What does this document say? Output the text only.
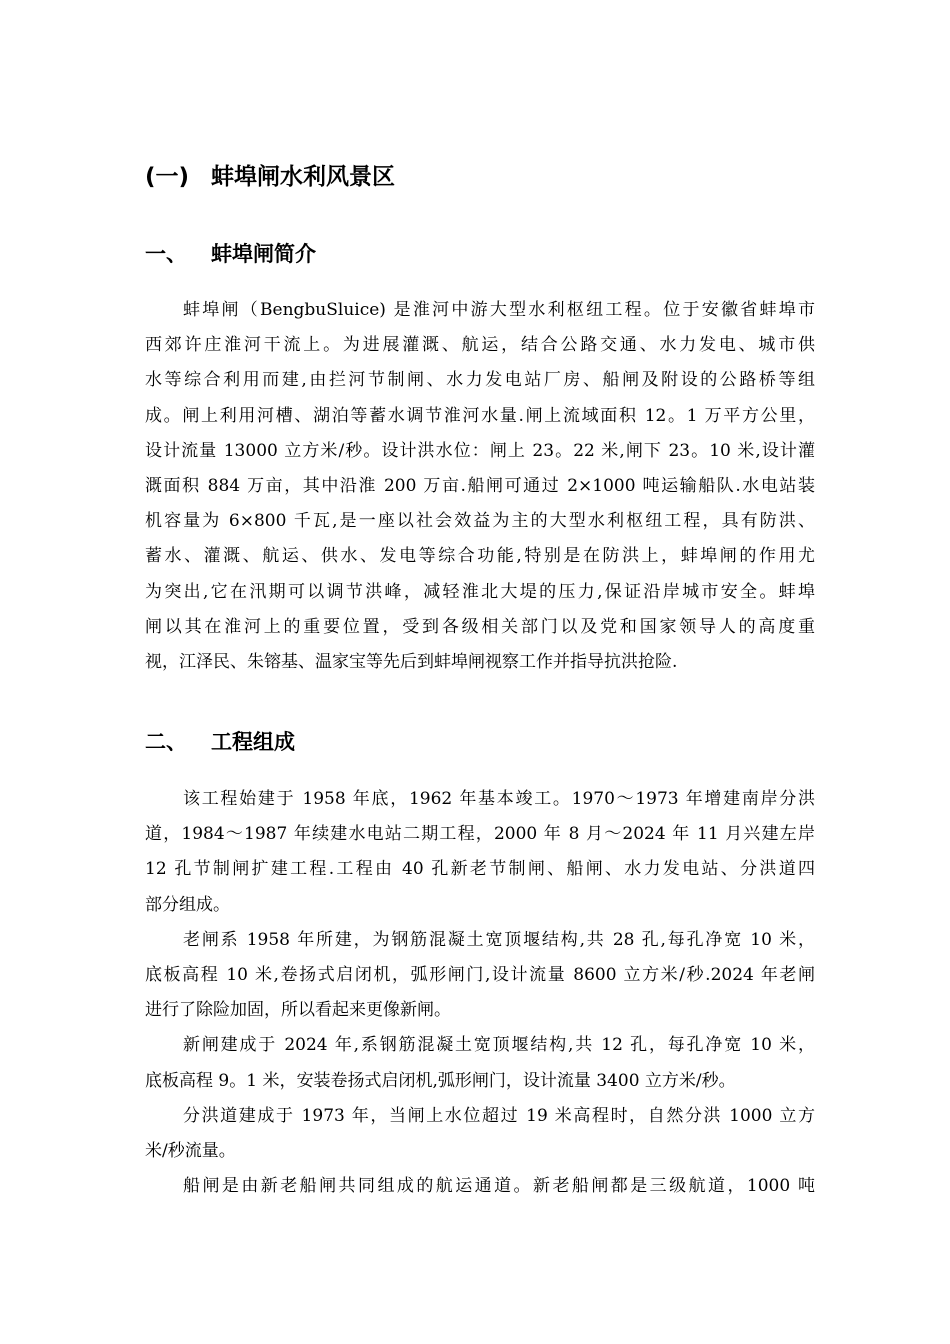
(一) 蚌埠闸水利风景区
一、 蚌埠闸简介
蚌埠闸（BengbuSluice) 是淮河中游大型水利枢纽工程。位于安徽省蚌埠市
西郊许庄淮河干流上。为进展灌溉、航运，结合公路交通、水力发电、城市供
水等综合利用而建,由拦河节制闸、水力发电站厂房、船闸及附设的公路桥等组
成。闸上利用河槽、湖泊等蓄水调节淮河水量.闸上流域面积 12。1 万平方公里，
设计流量 13000 立方米/秒。设计洪水位：闸上 23。22 米,闸下 23。10 米,设计灌
溉面积 884 万亩，其中沿淮 200 万亩.船闸可通过 2×1000 吨运输船队.水电站装
机容量为 6×800 千瓦,是一座以社会效益为主的大型水利枢纽工程，具有防洪、
蓄水、灌溉、航运、供水、发电等综合功能,特别是在防洪上，蚌埠闸的作用尤
为突出,它在汛期可以调节洪峰，减轻淮北大堤的压力,保证沿岸城市安全。蚌埠
闸以其在淮河上的重要位置，受到各级相关部门以及党和国家领导人的高度重
视，江泽民、朱镕基、温家宝等先后到蚌埠闸视察工作并指导抗洪抢险.
二、 工程组成
该工程始建于 1958 年底，1962 年基本竣工。1970～1973 年增建南岸分洪
道，1984～1987 年续建水电站二期工程，2000 年 8 月～2024 年 11 月兴建左岸
12 孔节制闸扩建工程.工程由 40 孔新老节制闸、船闸、水力发电站、分洪道四
部分组成。
老闸系 1958 年所建，为钢筋混凝土宽顶堰结构,共 28 孔,每孔净宽 10 米，
底板高程 10 米,卷扬式启闭机，弧形闸门,设计流量 8600 立方米/秒.2024 年老闸
进行了除险加固，所以看起来更像新闸。
新闸建成于 2024 年,系钢筋混凝土宽顶堰结构,共 12 孔，每孔净宽 10 米，
底板高程 9。1 米，安装卷扬式启闭机,弧形闸门，设计流量 3400 立方米/秒。
分洪道建成于 1973 年，当闸上水位超过 19 米高程时，自然分洪 1000 立方
米/秒流量。
船闸是由新老船闸共同组成的航运通道。新老船闸都是三级航道，1000 吨
